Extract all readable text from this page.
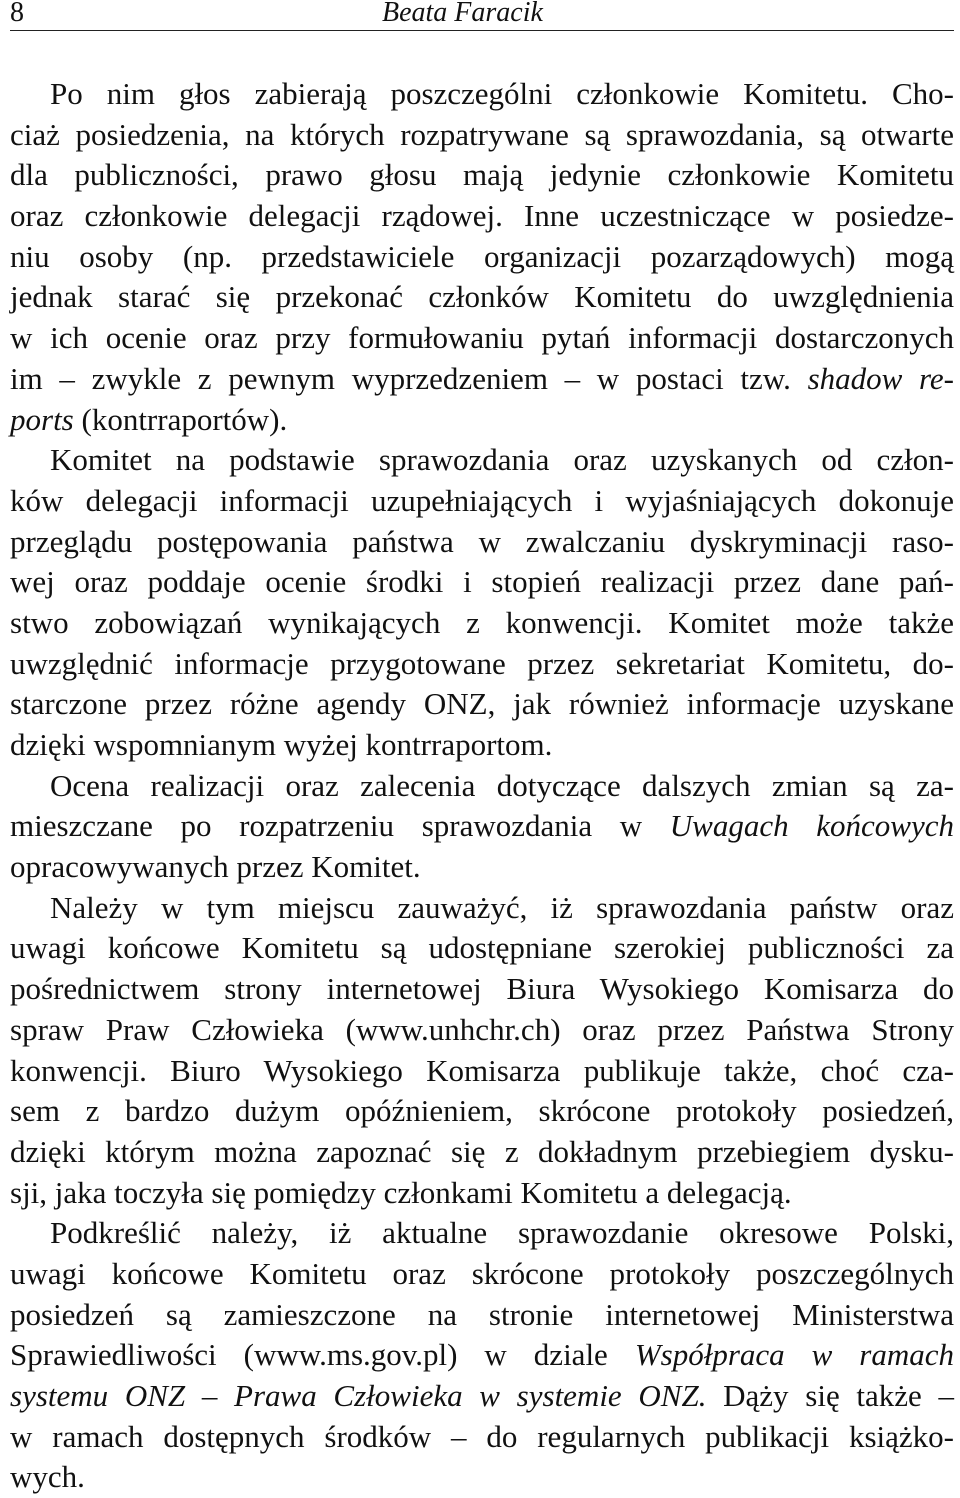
8	Beata Faracik
Po nim głos zabierają poszczególni członkowie Komitetu. Cho-
ciaż posiedzenia, na których rozpatrywane są sprawozdania, są otwarte
dla publiczności, prawo głosu mają jedynie członkowie Komitetu
oraz członkowie delegacji rządowej. Inne uczestniczące w posiedze-
niu osoby (np. przedstawiciele organizacji pozarządowych) mogą
jednak starać się przekonać członków Komitetu do uwzględnienia
w ich ocenie oraz przy formułowaniu pytań informacji dostarczonych
im – zwykle z pewnym wyprzedzeniem – w postaci tzw. shadow re-
ports (kontrraportów).
Komitet na podstawie sprawozdania oraz uzyskanych od człon-
ków delegacji informacji uzupełniających i wyjaśniających dokonuje
przeglądu postępowania państwa w zwalczaniu dyskryminacji raso-
wej oraz poddaje ocenie środki i stopień realizacji przez dane pań-
stwo zobowiązań wynikających z konwencji. Komitet może także
uwzględnić informacje przygotowane przez sekretariat Komitetu, do-
starczone przez różne agendy ONZ, jak również informacje uzyskane
dzięki wspomnianym wyżej kontrraportom.
Ocena realizacji oraz zalecenia dotyczące dalszych zmian są za-
mieszczane po rozpatrzeniu sprawozdania w Uwagach końcowych
opracowywanych przez Komitet.
Należy w tym miejscu zauważyć, iż sprawozdania państw oraz
uwagi końcowe Komitetu są udostępniane szerokiej publiczności za
pośrednictwem strony internetowej Biura Wysokiego Komisarza do
spraw Praw Człowieka (www.unhchr.ch) oraz przez Państwa Strony
konwencji. Biuro Wysokiego Komisarza publikuje także, choć cza-
sem z bardzo dużym opóźnieniem, skrócone protokoły posiedzeń,
dzięki którym można zapoznać się z dokładnym przebiegiem dysku-
sji, jaka toczyła się pomiędzy członkami Komitetu a delegacją.
Podkreślić należy, iż aktualne sprawozdanie okresowe Polski,
uwagi końcowe Komitetu oraz skrócone protokoły poszczególnych
posiedzeń są zamieszczone na stronie internetowej Ministerstwa
Sprawiedliwości (www.ms.gov.pl) w dziale Współpraca w ramach
systemu ONZ – Prawa Człowieka w systemie ONZ. Dąży się także –
w ramach dostępnych środków – do regularnych publikacji książko-
wych.
